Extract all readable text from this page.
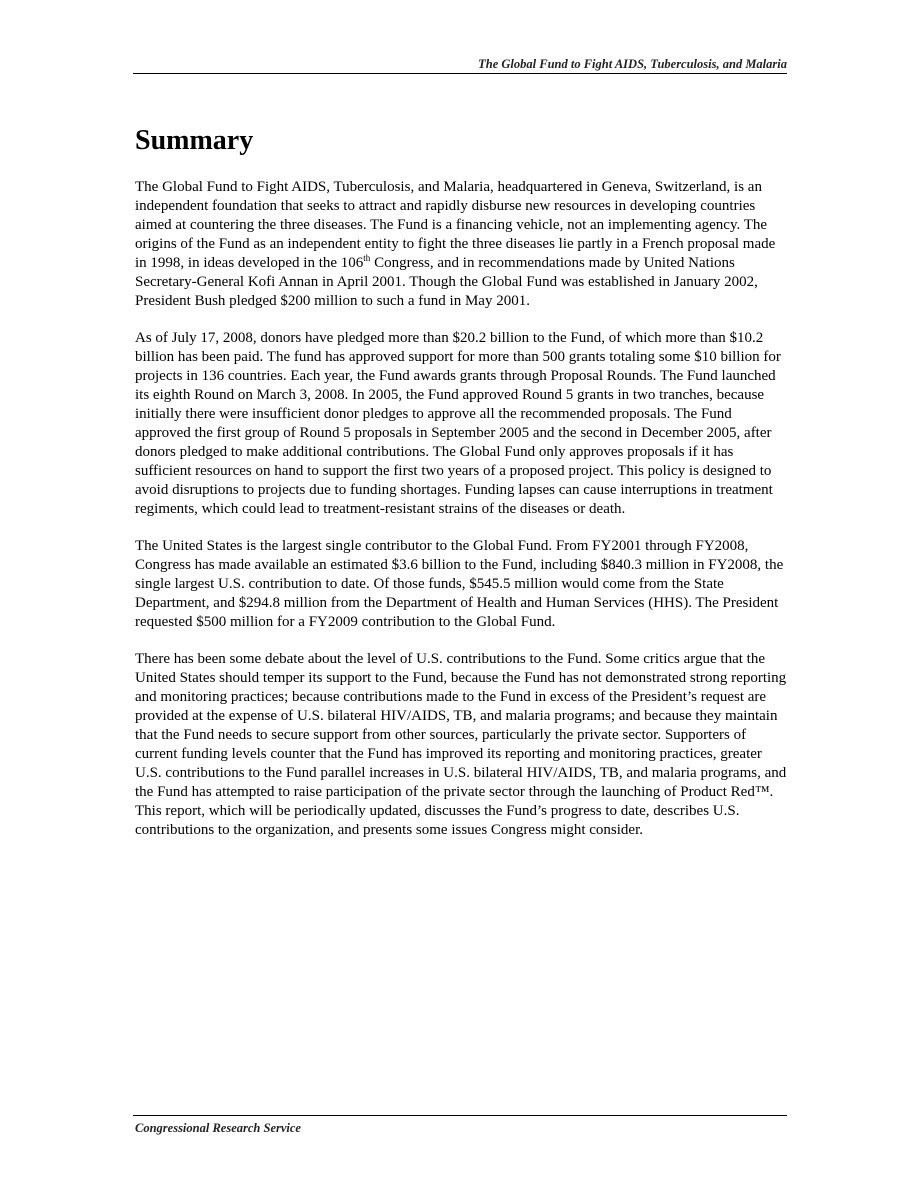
The Global Fund to Fight AIDS, Tuberculosis, and Malaria
Summary

The Global Fund to Fight AIDS, Tuberculosis, and Malaria, headquartered in Geneva, Switzerland, is an independent foundation that seeks to attract and rapidly disburse new resources in developing countries aimed at countering the three diseases. The Fund is a financing vehicle, not an implementing agency. The origins of the Fund as an independent entity to fight the three diseases lie partly in a French proposal made in 1998, in ideas developed in the 106th Congress, and in recommendations made by United Nations Secretary-General Kofi Annan in April 2001. Though the Global Fund was established in January 2002, President Bush pledged $200 million to such a fund in May 2001.

As of July 17, 2008, donors have pledged more than $20.2 billion to the Fund, of which more than $10.2 billion has been paid. The fund has approved support for more than 500 grants totaling some $10 billion for projects in 136 countries. Each year, the Fund awards grants through Proposal Rounds. The Fund launched its eighth Round on March 3, 2008. In 2005, the Fund approved Round 5 grants in two tranches, because initially there were insufficient donor pledges to approve all the recommended proposals. The Fund approved the first group of Round 5 proposals in September 2005 and the second in December 2005, after donors pledged to make additional contributions. The Global Fund only approves proposals if it has sufficient resources on hand to support the first two years of a proposed project. This policy is designed to avoid disruptions to projects due to funding shortages. Funding lapses can cause interruptions in treatment regiments, which could lead to treatment-resistant strains of the diseases or death.

The United States is the largest single contributor to the Global Fund. From FY2001 through FY2008, Congress has made available an estimated $3.6 billion to the Fund, including $840.3 million in FY2008, the single largest U.S. contribution to date. Of those funds, $545.5 million would come from the State Department, and $294.8 million from the Department of Health and Human Services (HHS). The President requested $500 million for a FY2009 contribution to the Global Fund.

There has been some debate about the level of U.S. contributions to the Fund. Some critics argue that the United States should temper its support to the Fund, because the Fund has not demonstrated strong reporting and monitoring practices; because contributions made to the Fund in excess of the President’s request are provided at the expense of U.S. bilateral HIV/AIDS, TB, and malaria programs; and because they maintain that the Fund needs to secure support from other sources, particularly the private sector. Supporters of current funding levels counter that the Fund has improved its reporting and monitoring practices, greater U.S. contributions to the Fund parallel increases in U.S. bilateral HIV/AIDS, TB, and malaria programs, and the Fund has attempted to raise participation of the private sector through the launching of Product Red™. This report, which will be periodically updated, discusses the Fund’s progress to date, describes U.S. contributions to the organization, and presents some issues Congress might consider.

Congressional Research Service
